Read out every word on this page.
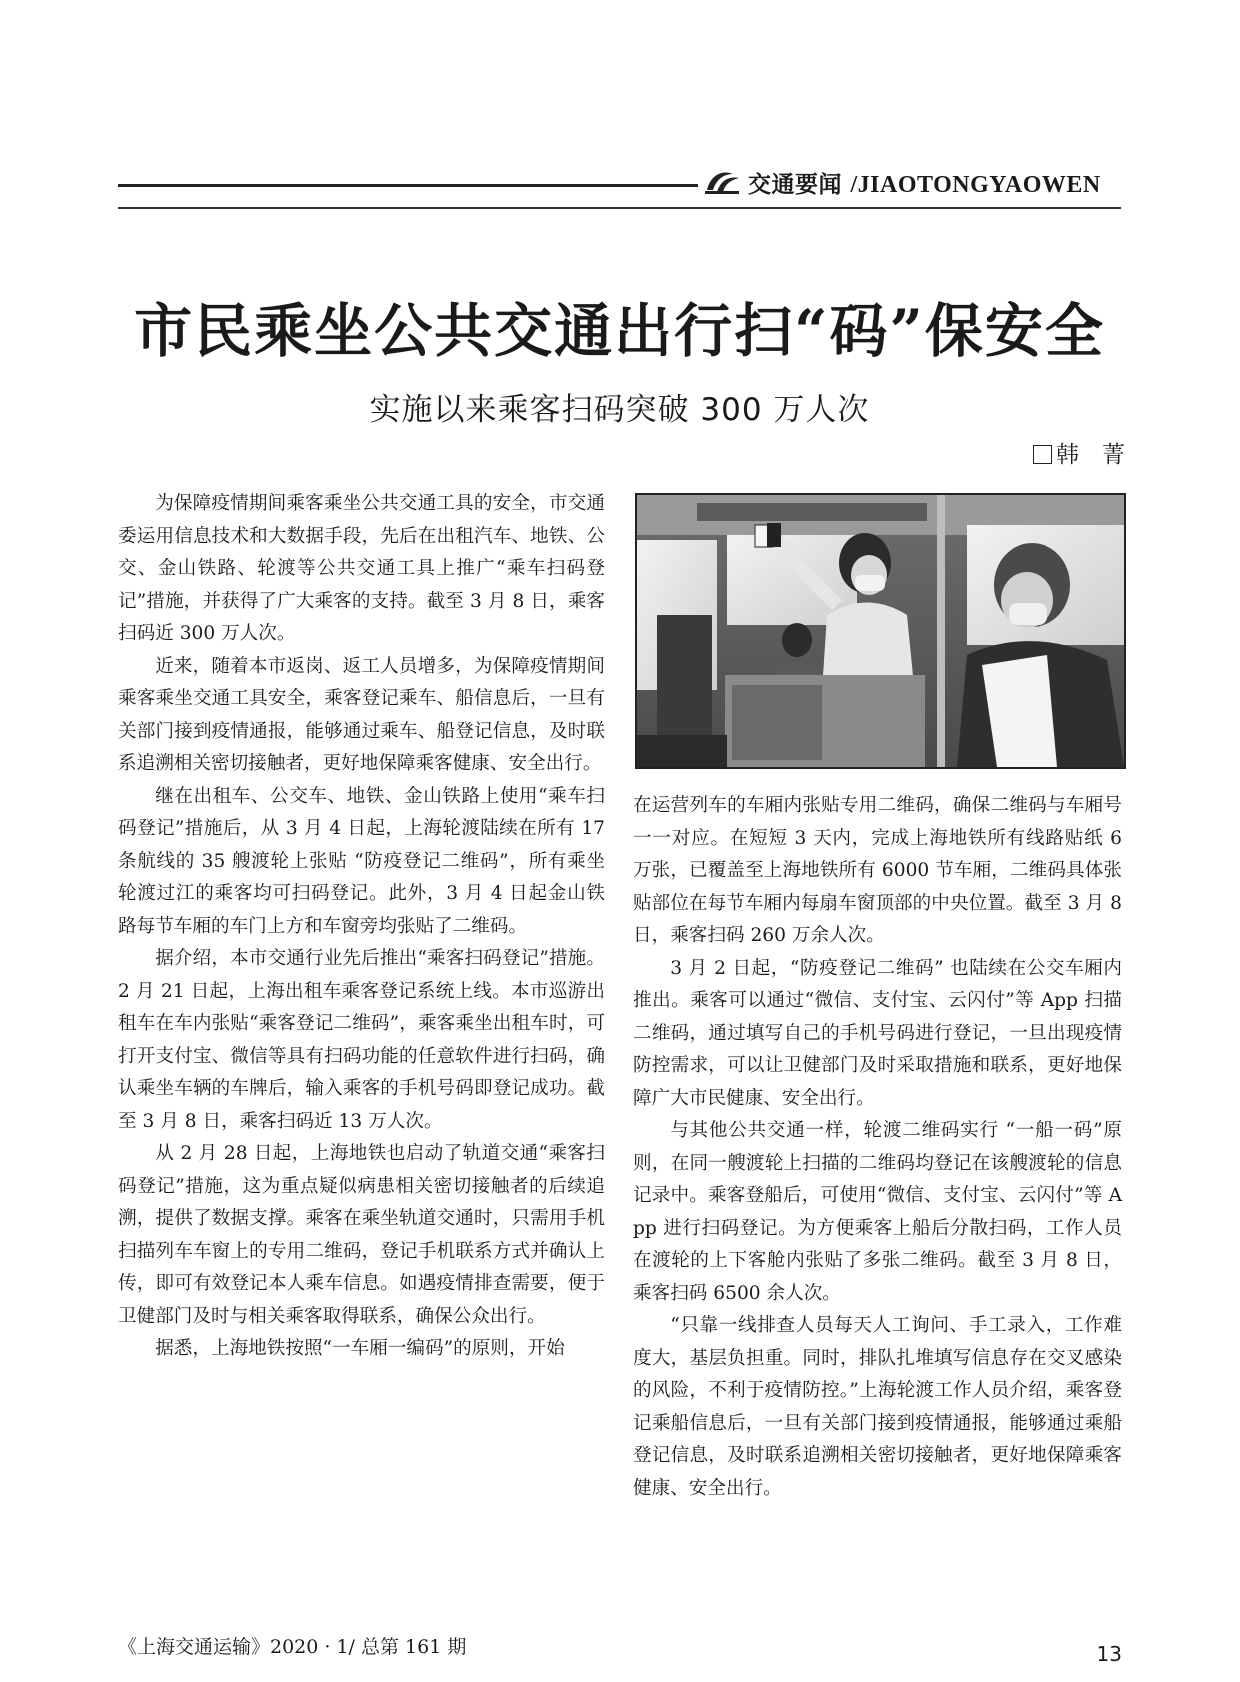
交通要闻 /JIAOTONGYAOWEN
市民乘坐公共交通出行扫“码”保安全
实施以来乘客扫码突破 300 万人次
韩　菁

为保障疫情期间乘客乘坐公共交通工具的安全，市交通委运用信息技术和大数据手段，先后在出租汽车、地铁、公交、金山铁路、轮渡等公共交通工具上推广“乘车扫码登记”措施，并获得了广大乘客的支持。截至 3 月 8 日，乘客扫码近 300 万人次。

近来，随着本市返岗、返工人员增多，为保障疫情期间乘客乘坐交通工具安全，乘客登记乘车、船信息后，一旦有关部门接到疫情通报，能够通过乘车、船登记信息，及时联系追溯相关密切接触者，更好地保障乘客健康、安全出行。

继在出租车、公交车、地铁、金山铁路上使用“乘车扫码登记”措施后，从 3 月 4 日起，上海轮渡陆续在所有 17 条航线的 35 艘渡轮上张贴 “防疫登记二维码”，所有乘坐轮渡过江的乘客均可扫码登记。此外，3 月 4 日起金山铁路每节车厢的车门上方和车窗旁均张贴了二维码。

据介绍，本市交通行业先后推出“乘客扫码登记”措施。2 月 21 日起，上海出租车乘客登记系统上线。本市巡游出租车在车内张贴“乘客登记二维码”，乘客乘坐出租车时，可打开支付宝、微信等具有扫码功能的任意软件进行扫码，确认乘坐车辆的车牌后，输入乘客的手机号码即登记成功。截至 3 月 8 日，乘客扫码近 13 万人次。

从 2 月 28 日起，上海地铁也启动了轨道交通“乘客扫码登记”措施，这为重点疑似病患相关密切接触者的后续追溯，提供了数据支撑。乘客在乘坐轨道交通时，只需用手机扫描列车车窗上的专用二维码，登记手机联系方式并确认上传，即可有效登记本人乘车信息。如遇疫情排查需要，便于卫健部门及时与相关乘客取得联系，确保公众出行。

据悉，上海地铁按照“一车厢一编码”的原则，开始

在运营列车的车厢内张贴专用二维码，确保二维码与车厢号一一对应。在短短 3 天内，完成上海地铁所有线路贴纸 6 万张，已覆盖至上海地铁所有 6000 节车厢，二维码具体张贴部位在每节车厢内每扇车窗顶部的中央位置。截至 3 月 8 日，乘客扫码 260 万余人次。

3 月 2 日起，“防疫登记二维码” 也陆续在公交车厢内推出。乘客可以通过“微信、支付宝、云闪付”等 App 扫描二维码，通过填写自己的手机号码进行登记，一旦出现疫情防控需求，可以让卫健部门及时采取措施和联系，更好地保障广大市民健康、安全出行。

与其他公共交通一样，轮渡二维码实行 “一船一码”原则，在同一艘渡轮上扫描的二维码均登记在该艘渡轮的信息记录中。乘客登船后，可使用“微信、支付宝、云闪付”等 App 进行扫码登记。为方便乘客上船后分散扫码，工作人员在渡轮的上下客舱内张贴了多张二维码。截至 3 月 8 日，乘客扫码 6500 余人次。

“只靠一线排查人员每天人工询问、手工录入，工作难度大，基层负担重。同时，排队扎堆填写信息存在交叉感染的风险，不利于疫情防控。”上海轮渡工作人员介绍，乘客登记乘船信息后，一旦有关部门接到疫情通报，能够通过乘船登记信息，及时联系追溯相关密切接触者，更好地保障乘客健康、安全出行。

《上海交通运输》2020 · 1/ 总第 161 期	13
